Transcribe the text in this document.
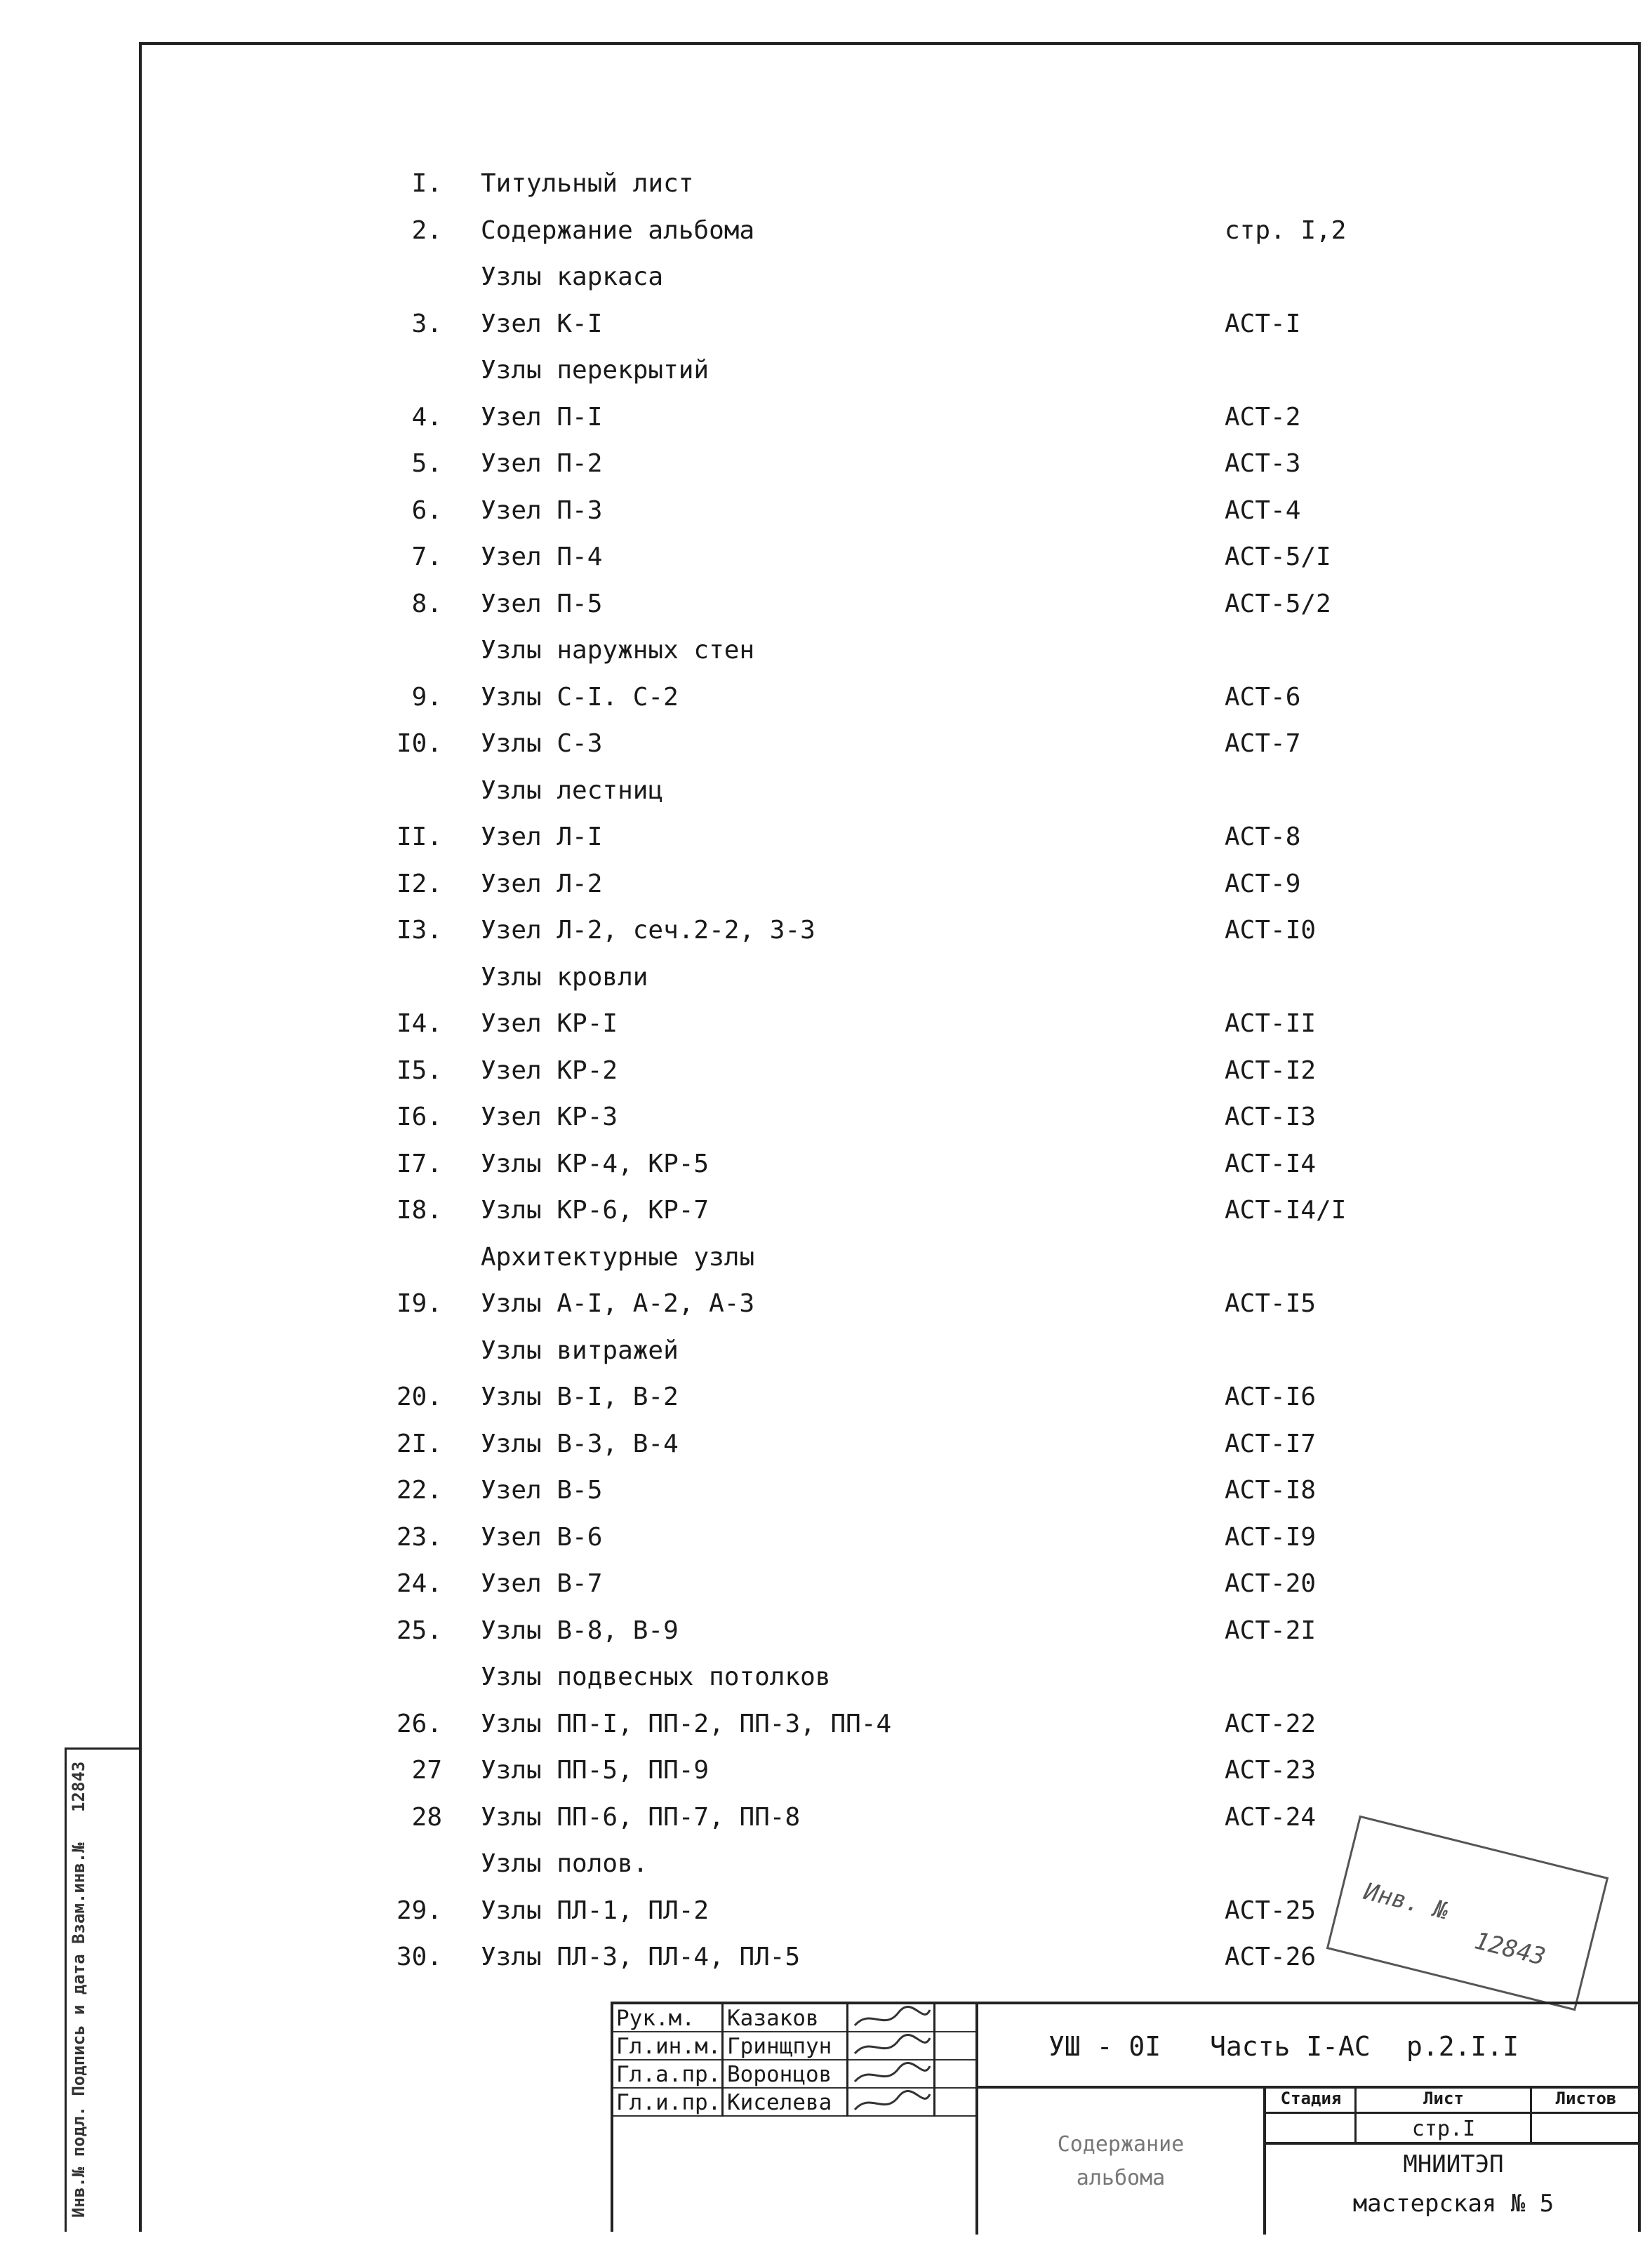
I. Титульный лист
2. Содержание альбома	стр. I,2
Узлы каркаса
3. Узел К-I	АСТ-I
Узлы перекрытий
4. Узел П-I	АСТ-2
5. Узел П-2	АСТ-3
6. Узел П-3	АСТ-4
7. Узел П-4	АСТ-5/I
8. Узел П-5	АСТ-5/2
Узлы наружных стен
9. Узлы С-I. С-2	АСТ-6
I0. Узлы С-3	АСТ-7
Узлы лестниц
II. Узел Л-I	АСТ-8
I2. Узел Л-2	АСТ-9
I3. Узел Л-2, сеч.2-2, 3-3	АСТ-I0
Узлы кровли
I4. Узел КР-I	АСТ-II
I5. Узел КР-2	АСТ-I2
I6. Узел КР-3	АСТ-I3
I7. Узлы КР-4, КР-5	АСТ-I4
I8. Узлы КР-6, КР-7	АСТ-I4/I
Архитектурные узлы
I9. Узлы А-I, А-2, А-3	АСТ-I5
Узлы витражей
20. Узлы В-I, В-2	АСТ-I6
2I. Узлы В-3, В-4	АСТ-I7
22. Узел В-5	АСТ-I8
23. Узел В-6	АСТ-I9
24. Узел В-7	АСТ-20
25. Узлы В-8, В-9	АСТ-2I
Узлы подвесных потолков
26. Узлы ПП-I, ПП-2, ПП-3, ПП-4	АСТ-22
27 Узлы ПП-5, ПП-9	АСТ-23
28 Узлы ПП-6, ПП-7, ПП-8	АСТ-24
Узлы полов.
29. Узлы ПЛ-1, ПЛ-2	АСТ-25
30. Узлы ПЛ-3, ПЛ-4, ПЛ-5	АСТ-26
Инв.№ подл. Подпись и дата Взам.инв.№   12843
Инв. №
12843
Рук.м.	Казаков
Гл.ин.м. Гринщпун
Гл.а.пр. Воронцов
Гл.и.пр. Киселева
УШ - 0I Часть I-АС р.2.I.I
Содержание
альбома
Стадия	Лист	Листов
стр.I
МНИИТЭП
мастерская № 5
